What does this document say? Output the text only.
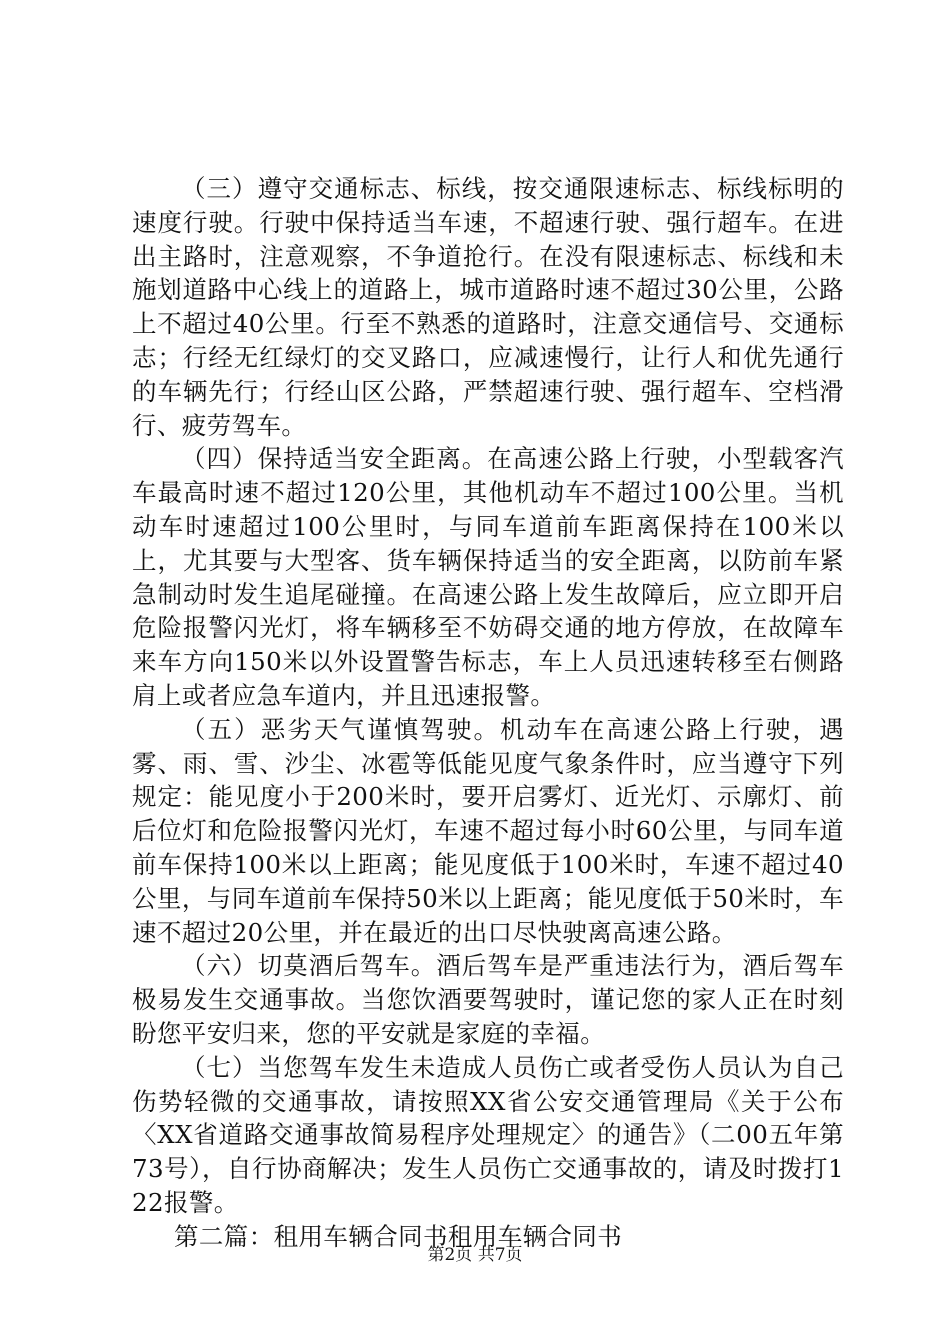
（三）遵守交通标志、标线，按交通限速标志、标线标明的速度行驶。行驶中保持适当车速，不超速行驶、强行超车。在进出主路时，注意观察，不争道抢行。在没有限速标志、标线和未施划道路中心线上的道路上，城市道路时速不超过30公里，公路上不超过40公里。行至不熟悉的道路时，注意交通信号、交通标志；行经无红绿灯的交叉路口，应减速慢行，让行人和优先通行的车辆先行；行经山区公路，严禁超速行驶、强行超车、空档滑行、疲劳驾车。

（四）保持适当安全距离。在高速公路上行驶，小型载客汽车最高时速不超过120公里，其他机动车不超过100公里。当机动车时速超过100公里时，与同车道前车距离保持在100米以上，尤其要与大型客、货车辆保持适当的安全距离，以防前车紧急制动时发生追尾碰撞。在高速公路上发生故障后，应立即开启危险报警闪光灯，将车辆移至不妨碍交通的地方停放，在故障车来车方向150米以外设置警告标志，车上人员迅速转移至右侧路肩上或者应急车道内，并且迅速报警。

（五）恶劣天气谨慎驾驶。机动车在高速公路上行驶，遇雾、雨、雪、沙尘、冰雹等低能见度气象条件时，应当遵守下列规定：能见度小于200米时，要开启雾灯、近光灯、示廓灯、前后位灯和危险报警闪光灯，车速不超过每小时60公里，与同车道前车保持100米以上距离；能见度低于100米时，车速不超过40公里，与同车道前车保持50米以上距离；能见度低于50米时，车速不超过20公里，并在最近的出口尽快驶离高速公路。

（六）切莫酒后驾车。酒后驾车是严重违法行为，酒后驾车极易发生交通事故。当您饮酒要驾驶时，谨记您的家人正在时刻盼您平安归来，您的平安就是家庭的幸福。

（七）当您驾车发生未造成人员伤亡或者受伤人员认为自己伤势轻微的交通事故，请按照XX省公安交通管理局《关于公布〈XX省道路交通事故简易程序处理规定〉的通告》（二00五年第73号），自行协商解决；发生人员伤亡交通事故的，请及时拨打122报警。

第二篇：租用车辆合同书租用车辆合同书

第2页 共7页
